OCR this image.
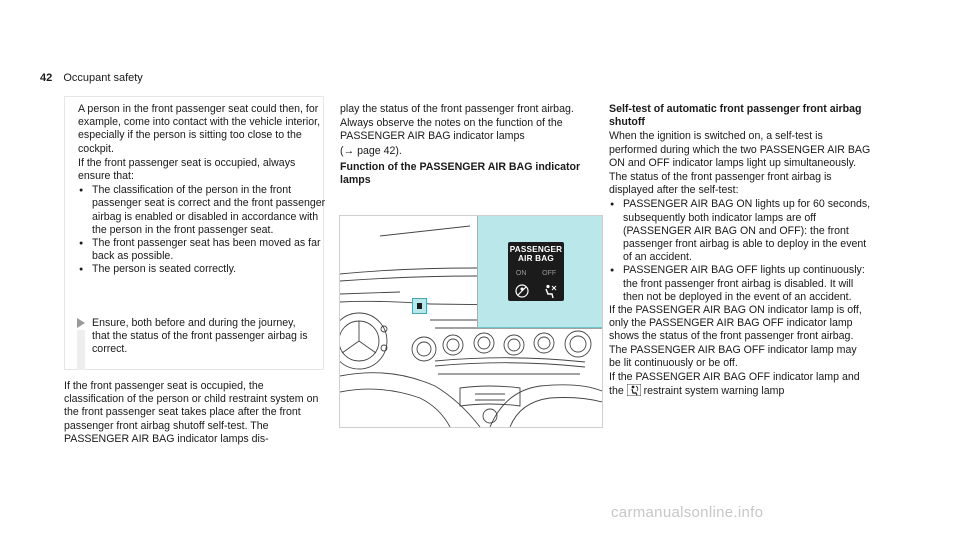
42 Occupant safety

A person in the front passenger seat could then, for example, come into contact with the vehicle interior, especially if the person is sitting too close to the cockpit.

If the front passenger seat is occupied, always ensure that:

● The classification of the person in the front passenger seat is correct and the front passenger airbag is enabled or disabled in accordance with the person in the front passenger seat.

● The front passenger seat has been moved as far back as possible.

● The person is seated correctly.

Ensure, both before and during the journey, that the status of the front passenger airbag is correct.

If the front passenger seat is occupied, the classification of the person or child restraint system on the front passenger seat takes place after the front passenger front airbag shutoff self-test. The PASSENGER AIR BAG indicator lamps dis-

play the status of the front passenger front airbag.

Always observe the notes on the function of the PASSENGER AIR BAG indicator lamps

(→ page 42).

Function of the PASSENGER AIR BAG indicator lamps

PASSENGER
AIR BAG
ON OFF

Self-test of automatic front passenger front airbag shutoff

When the ignition is switched on, a self-test is performed during which the two PASSENGER AIR BAG ON and OFF indicator lamps light up simultaneously.

The status of the front passenger front airbag is displayed after the self-test:

● PASSENGER AIR BAG ON lights up for 60 seconds, subsequently both indicator lamps are off (PASSENGER AIR BAG ON and OFF): the front passenger front airbag is able to deploy in the event of an accident.

● PASSENGER AIR BAG OFF lights up continuously: the front passenger front airbag is disabled. It will then not be deployed in the event of an accident.

If the PASSENGER AIR BAG ON indicator lamp is off, only the PASSENGER AIR BAG OFF indicator lamp shows the status of the front passenger front airbag. The PASSENGER AIR BAG OFF indicator lamp may be lit continuously or be off.

If the PASSENGER AIR BAG OFF indicator lamp and the restraint system warning lamp

carmanualsonline.info
